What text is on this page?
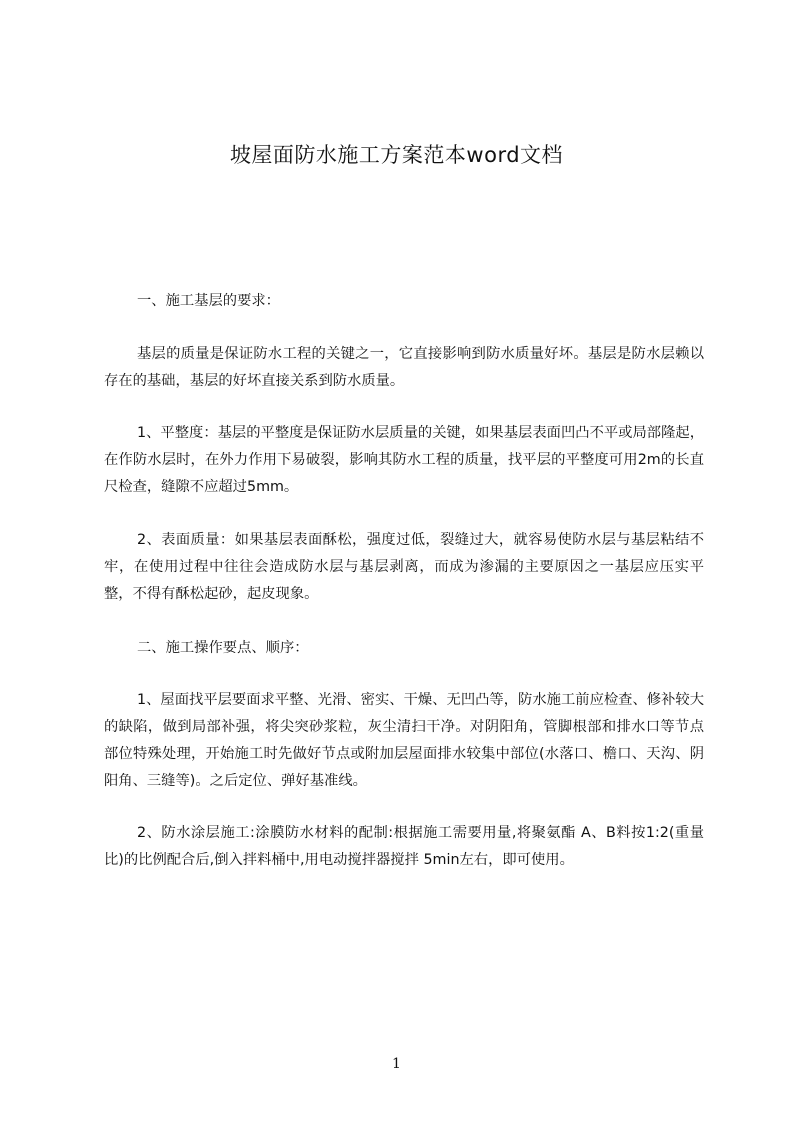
坡屋面防水施工方案范本word文档
一、施工基层的要求：
基层的质量是保证防水工程的关键之一，它直接影响到防水质量好坏。基层是防水层赖以存在的基础，基层的好坏直接关系到防水质量。
1、平整度：基层的平整度是保证防水层质量的关键，如果基层表面凹凸不平或局部隆起，在作防水层时，在外力作用下易破裂，影响其防水工程的质量，找平层的平整度可用2m的长直尺检查，缝隙不应超过5mm。
2、表面质量：如果基层表面酥松，强度过低，裂缝过大，就容易使防水层与基层粘结不牢，在使用过程中往往会造成防水层与基层剥离，而成为渗漏的主要原因之一基层应压实平整，不得有酥松起砂，起皮现象。
二、施工操作要点、顺序：
1、屋面找平层要面求平整、光滑、密实、干燥、无凹凸等，防水施工前应检查、修补较大的缺陷，做到局部补强，将尖突砂浆粒，灰尘清扫干净。对阴阳角，管脚根部和排水口等节点部位特殊处理，开始施工时先做好节点或附加层屋面排水较集中部位(水落口、檐口、天沟、阴阳角、三缝等)。之后定位、弹好基准线。
2、防水涂层施工:涂膜防水材料的配制:根据施工需要用量,将聚氨酯 A、B料按1:2(重量比)的比例配合后,倒入拌料桶中,用电动搅拌器搅拌 5min左右，即可使用。
1
